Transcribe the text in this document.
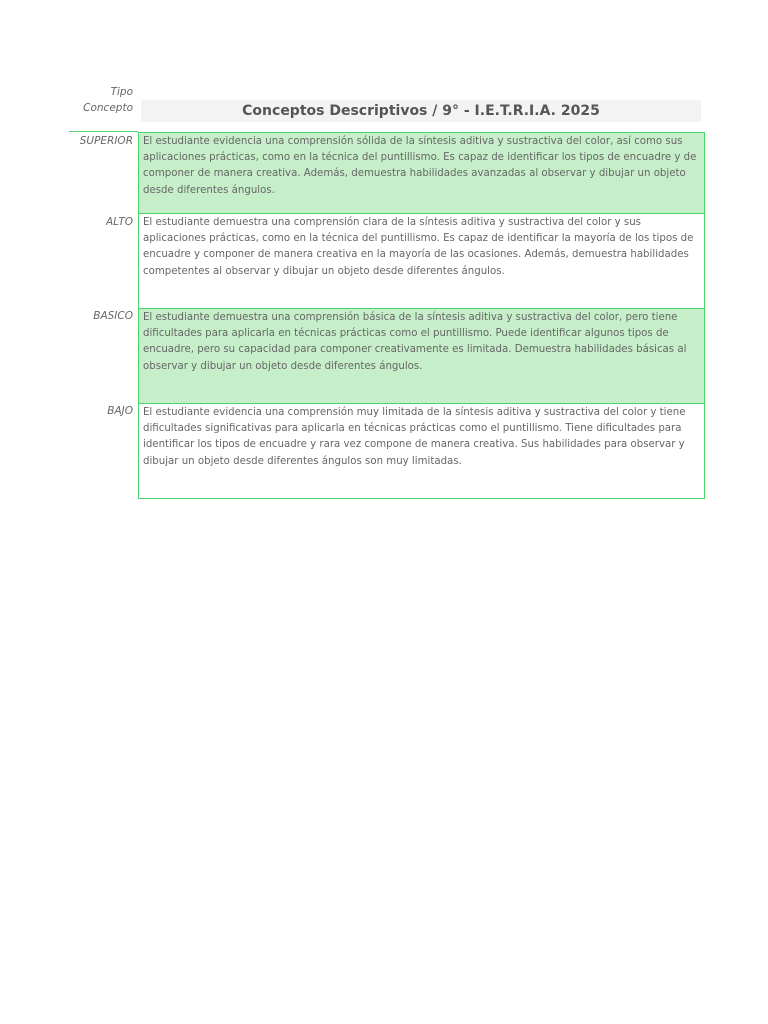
Tipo
Concepto	Conceptos Descriptivos / 9° - I.E.T.R.I.A. 2025
SUPERIOR El estudiante evidencia una comprensión sólida de la síntesis aditiva y sustractiva del color, así como sus aplicaciones prácticas, como en la técnica del puntillismo. Es capaz de identificar los tipos de encuadre y de componer de manera creativa. Además, demuestra habilidades avanzadas al observar y dibujar un objeto desde diferentes ángulos.
ALTO El estudiante demuestra una comprensión clara de la síntesis aditiva y sustractiva del color y sus aplicaciones prácticas, como en la técnica del puntillismo. Es capaz de identificar la mayoría de los tipos de encuadre y componer de manera creativa en la mayoría de las ocasiones. Además, demuestra habilidades competentes al observar y dibujar un objeto desde diferentes ángulos.
BASICO El estudiante demuestra una comprensión básica de la síntesis aditiva y sustractiva del color, pero tiene dificultades para aplicarla en técnicas prácticas como el puntillismo. Puede identificar algunos tipos de encuadre, pero su capacidad para componer creativamente es limitada. Demuestra habilidades básicas al observar y dibujar un objeto desde diferentes ángulos.
BAJO El estudiante evidencia una comprensión muy limitada de la síntesis aditiva y sustractiva del color y tiene dificultades significativas para aplicarla en técnicas prácticas como el puntillismo. Tiene dificultades para identificar los tipos de encuadre y rara vez compone de manera creativa. Sus habilidades para observar y dibujar un objeto desde diferentes ángulos son muy limitadas.
